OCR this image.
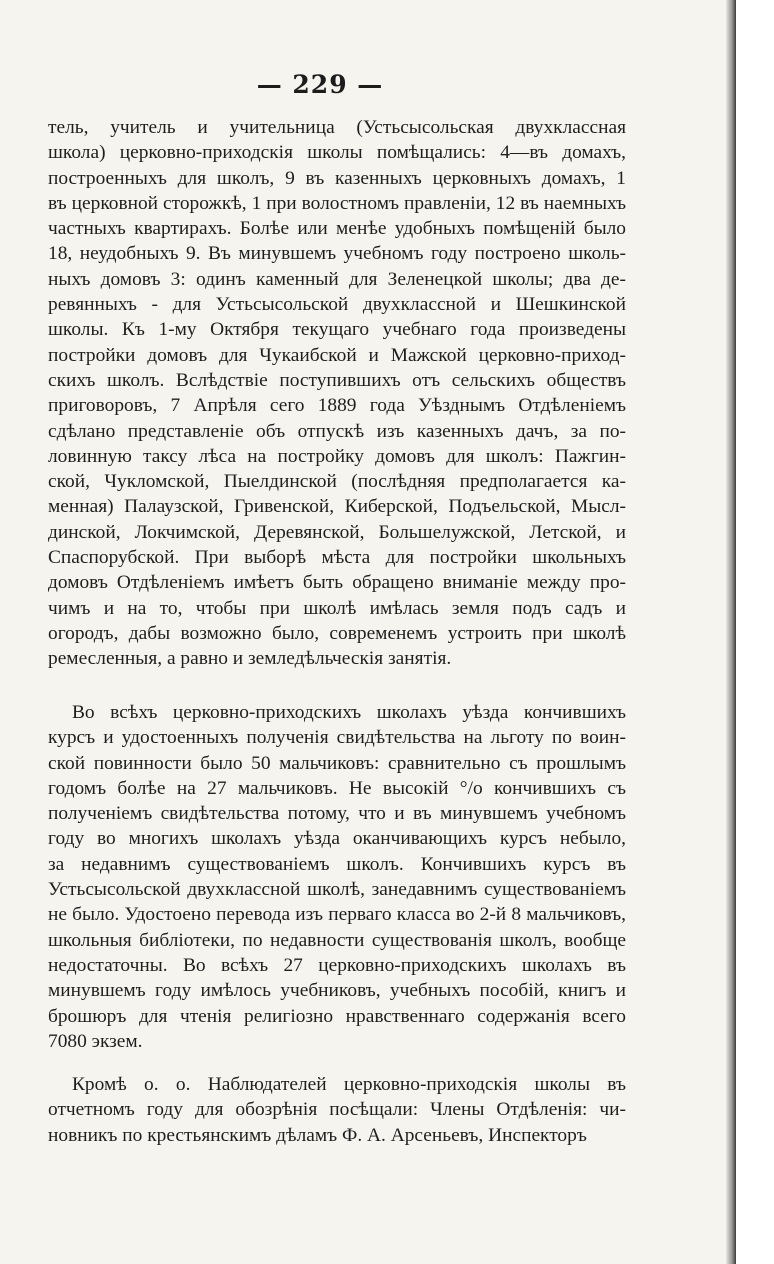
— 229 —
тель, учитель и учительница (Устьсысольская двухклассная
школа) церковно-приходскія школы помѣщались: 4—въ домахъ,
построенныхъ для школъ, 9 въ казенныхъ церковныхъ домахъ, 1
въ церковной сторожкѣ, 1 при волостномъ правленіи, 12 въ наемныхъ
частныхъ квартирахъ. Болѣе или менѣе удобныхъ помѣщеній было
18, неудобныхъ 9. Въ минувшемъ учебномъ году построено школь-
ныхъ домовъ 3: одинъ каменный для Зеленецкой школы; два де-
ревянныхъ - для Устьсысольской двухклассной и Шешкинской
школы. Къ 1-му Октября текущаго учебнаго года произведены
постройки домовъ для Чукаибской и Мажской церковно-приход-
скихъ школъ. Вслѣдствіе поступившихъ отъ сельскихъ обществъ
приговоровъ, 7 Апрѣля сего 1889 года Уѣзднымъ Отдѣленіемъ
сдѣлано представленіе объ отпускѣ изъ казенныхъ дачъ, за по-
ловинную таксу лѣса на постройку домовъ для школъ: Пажгин-
ской, Чукломской, Пыелдинской (послѣдняя предполагается ка-
менная) Палаузской, Гривенской, Киберской, Подъельской, Мысл-
динской, Локчимской, Деревянской, Большелужской, Летской, и
Спаспорубской. При выборѣ мѣста для постройки школьныхъ
домовъ Отдѣленіемъ имѣетъ быть обращено вниманіе между про-
чимъ и на то, чтобы при школѣ имѣлась земля подъ садъ и
огородъ, дабы возможно было, современемъ устроить при школѣ
ремесленныя, а равно и земледѣльческія занятія.
Во всѣхъ церковно-приходскихъ школахъ уѣзда кончившихъ
курсъ и удостоенныхъ полученія свидѣтельства на льготу по воин-
ской повинности было 50 мальчиковъ: сравнительно съ прошлымъ
годомъ болѣе на 27 мальчиковъ. Не высокій °/o кончившихъ съ
полученіемъ свидѣтельства потому, что и въ минувшемъ учебномъ
году во многихъ школахъ уѣзда оканчивающихъ курсъ небыло,
за недавнимъ существованіемъ школъ. Кончившихъ курсъ въ
Устьсысольской двухклассной школѣ, занедавнимъ существованіемъ
не было. Удостоено перевода изъ перваго класса во 2-й 8 мальчиковъ,
школьныя библіотеки, по недавности существованія школъ, вообще
недостаточны. Во всѣхъ 27 церковно-приходскихъ школахъ въ
минувшемъ году имѣлось учебниковъ, учебныхъ пособій, книгъ и
брошюръ для чтенія религіозно нравственнаго содержанія всего
7080 экзем.
Кромѣ о. о. Наблюдателей церковно-приходскія школы въ
отчетномъ году для обозрѣнія посѣщали: Члены Отдѣленія: чи-
новникъ по крестьянскимъ дѣламъ Ф. А. Арсеньевъ, Инспекторъ
